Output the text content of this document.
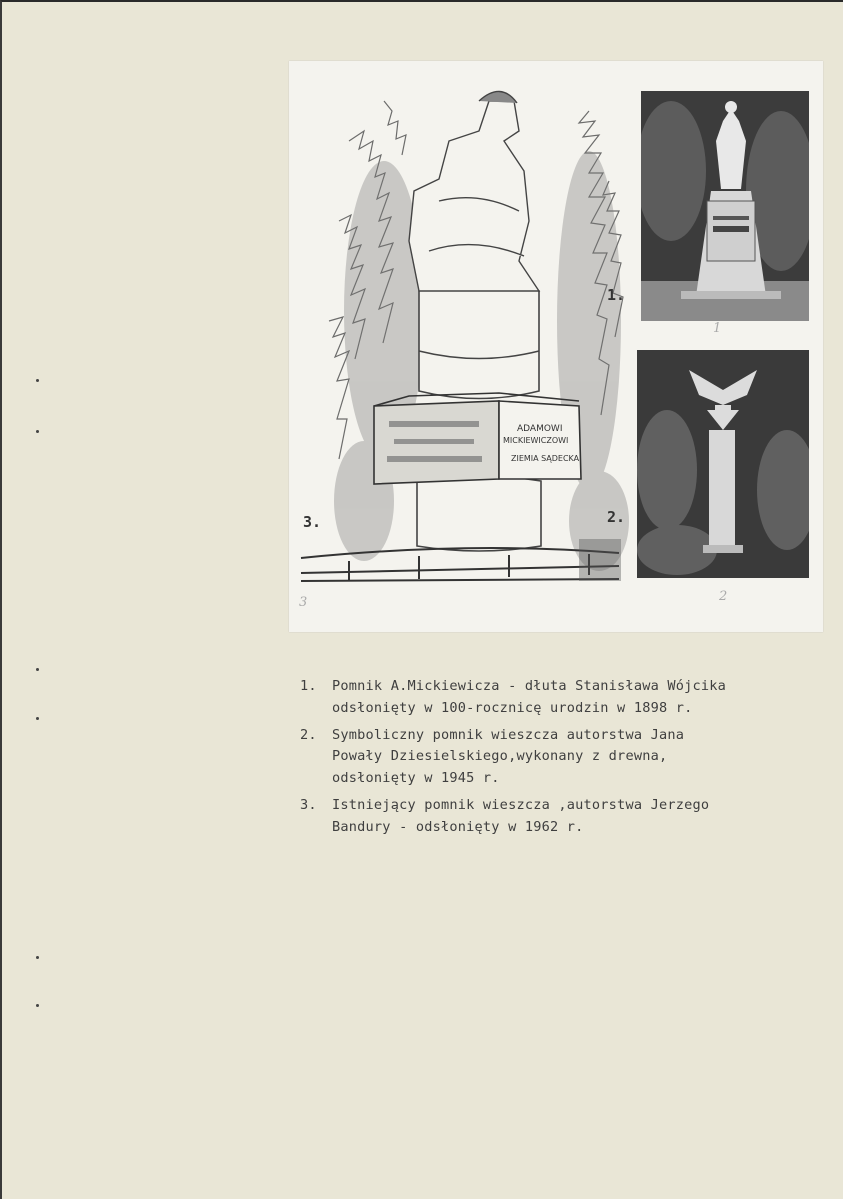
ADAMOWI
MICKIEWICZOWI
ZIEMIA SĄDECKA
1.
2.
3.
1
2
3
1.	Pomnik A.Mickiewicza - dłuta Stanisława Wójcika
odsłonięty w 100-rocznicę urodzin w 1898 r.
2.	Symboliczny pomnik wieszcza autorstwa Jana
Powały Dziesielskiego,wykonany z drewna,
odsłonięty w 1945 r.
3.	Istniejący pomnik wieszcza ,autorstwa Jerzego
Bandury - odsłonięty w 1962 r.
